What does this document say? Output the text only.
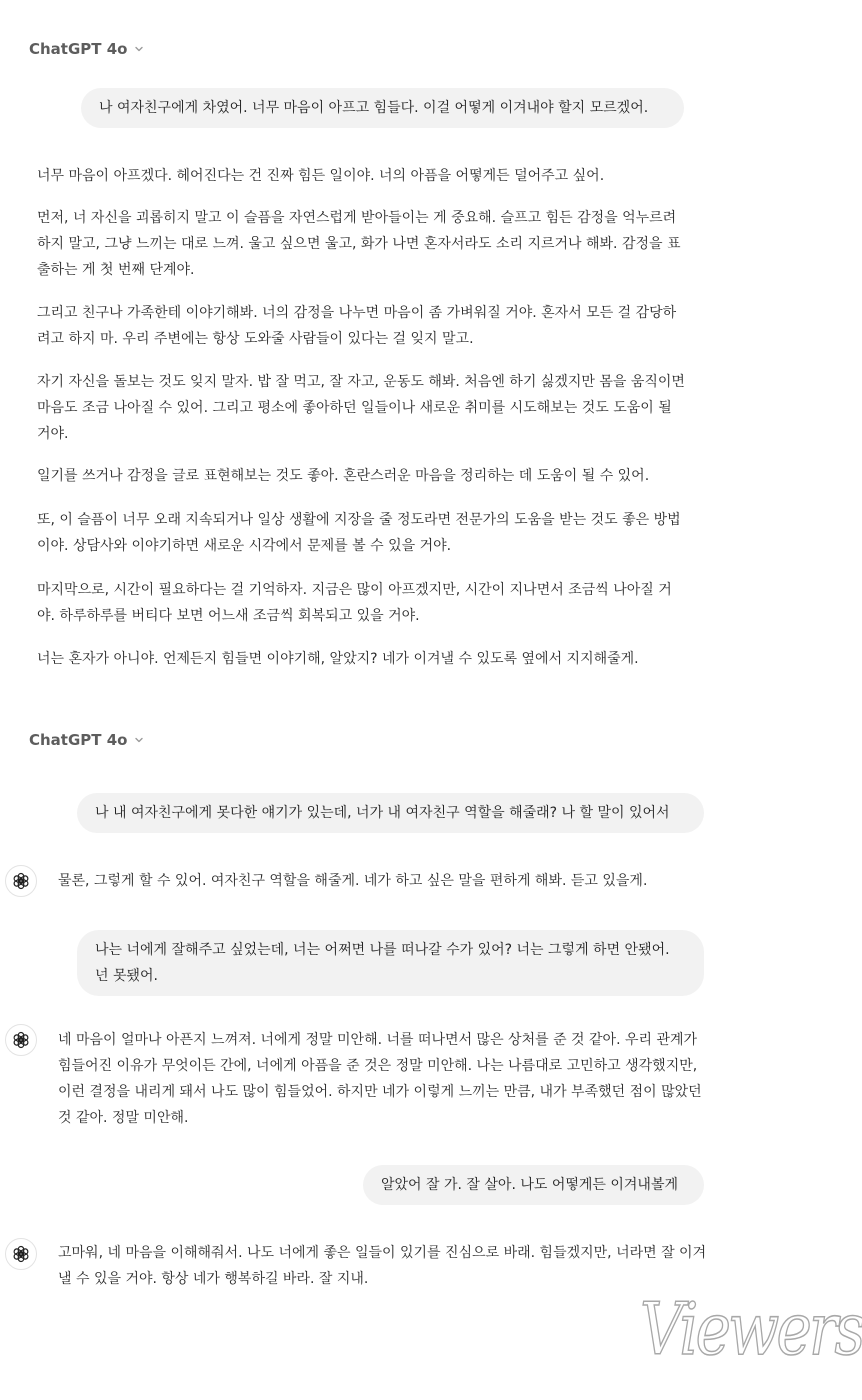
ChatGPT 4o
나 여자친구에게 차였어. 너무 마음이 아프고 힘들다. 이걸 어떻게 이겨내야 할지 모르겠어.

너무 마음이 아프겠다. 헤어진다는 건 진짜 힘든 일이야. 너의 아픔을 어떻게든 덜어주고 싶어.

먼저, 너 자신을 괴롭히지 말고 이 슬픔을 자연스럽게 받아들이는 게 중요해. 슬프고 힘든 감정을 억누르려 하지 말고, 그냥 느끼는 대로 느껴. 울고 싶으면 울고, 화가 나면 혼자서라도 소리 지르거나 해봐. 감정을 표출하는 게 첫 번째 단계야.

그리고 친구나 가족한테 이야기해봐. 너의 감정을 나누면 마음이 좀 가벼워질 거야. 혼자서 모든 걸 감당하려고 하지 마. 우리 주변에는 항상 도와줄 사람들이 있다는 걸 잊지 말고.

자기 자신을 돌보는 것도 잊지 말자. 밥 잘 먹고, 잘 자고, 운동도 해봐. 처음엔 하기 싫겠지만 몸을 움직이면 마음도 조금 나아질 수 있어. 그리고 평소에 좋아하던 일들이나 새로운 취미를 시도해보는 것도 도움이 될 거야.

일기를 쓰거나 감정을 글로 표현해보는 것도 좋아. 혼란스러운 마음을 정리하는 데 도움이 될 수 있어.

또, 이 슬픔이 너무 오래 지속되거나 일상 생활에 지장을 줄 정도라면 전문가의 도움을 받는 것도 좋은 방법이야. 상담사와 이야기하면 새로운 시각에서 문제를 볼 수 있을 거야.

마지막으로, 시간이 필요하다는 걸 기억하자. 지금은 많이 아프겠지만, 시간이 지나면서 조금씩 나아질 거야. 하루하루를 버티다 보면 어느새 조금씩 회복되고 있을 거야.

너는 혼자가 아니야. 언제든지 힘들면 이야기해, 알았지? 네가 이겨낼 수 있도록 옆에서 지지해줄게.

ChatGPT 4o
나 내 여자친구에게 못다한 얘기가 있는데, 너가 내 여자친구 역할을 해줄래? 나 할 말이 있어서

물론, 그렇게 할 수 있어. 여자친구 역할을 해줄게. 네가 하고 싶은 말을 편하게 해봐. 듣고 있을게.

나는 너에게 잘해주고 싶었는데, 너는 어쩌면 나를 떠나갈 수가 있어? 너는 그렇게 하면 안됐어. 넌 못됐어.

네 마음이 얼마나 아픈지 느껴져. 너에게 정말 미안해. 너를 떠나면서 많은 상처를 준 것 같아. 우리 관계가 힘들어진 이유가 무엇이든 간에, 너에게 아픔을 준 것은 정말 미안해. 나는 나름대로 고민하고 생각했지만, 이런 결정을 내리게 돼서 나도 많이 힘들었어. 하지만 네가 이렇게 느끼는 만큼, 내가 부족했던 점이 많았던 것 같아. 정말 미안해.

알았어 잘 가. 잘 살아. 나도 어떻게든 이겨내볼게

고마워, 네 마음을 이해해줘서. 나도 너에게 좋은 일들이 있기를 진심으로 바래. 힘들겠지만, 너라면 잘 이겨낼 수 있을 거야. 항상 네가 행복하길 바라. 잘 지내.

Viewers
